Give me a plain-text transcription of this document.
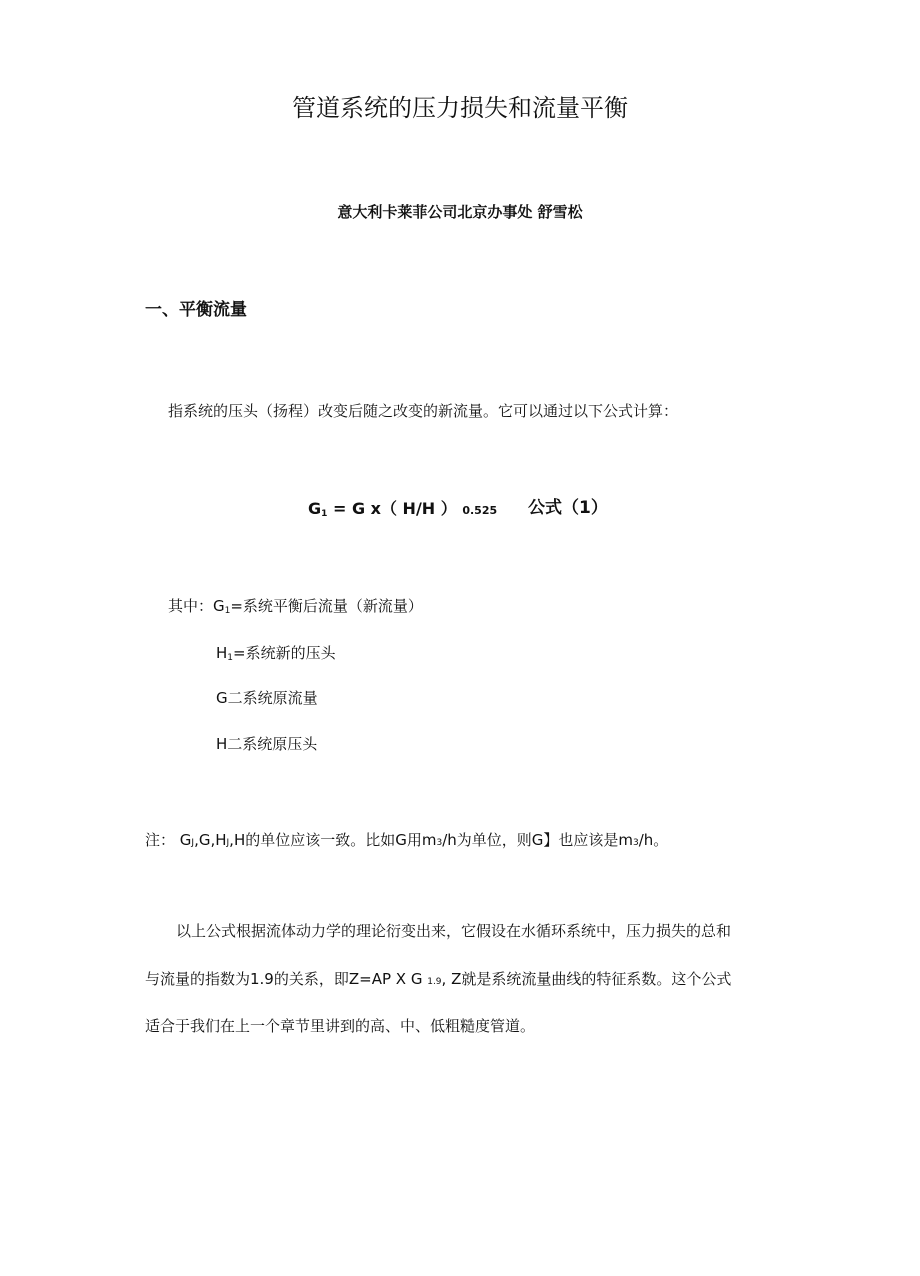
管道系统的压力损失和流量平衡
意大利卡莱菲公司北京办事处 舒雪松
一、平衡流量
指系统的压头（扬程）改变后随之改变的新流量。它可以通过以下公式计算：
$G_1 = G$ x（ H/H ） 0.525 公式（1）
其中：$G_1=$系统平衡后流量（新流量）
$H_1=$系统新的压头
G二系统原流量
H二系统原压头
注： GJ,G,HJ,H的单位应该一致。比如G用m3/h为单位，则G】也应该是m3/h。
以上公式根据流体动力学的理论衍变出来，它假设在水循环系统中，压力损失的总和
与流量的指数为1.9的关系，即Z=AP X G 1.9, Z就是系统流量曲线的特征系数。这个公式
适合于我们在上一个章节里讲到的高、中、低粗糙度管道。
